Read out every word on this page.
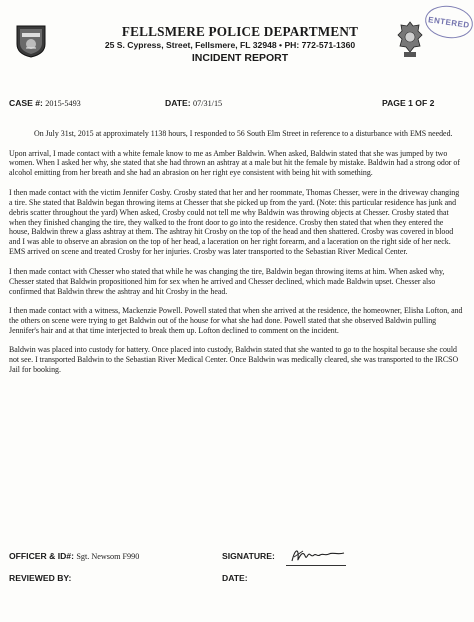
ENTERED
FELLSMERE POLICE DEPARTMENT
25 S. Cypress, Street, Fellsmere, FL 32948 • PH: 772-571-1360
INCIDENT REPORT
CASE #: 2015-5493	DATE: 07/31/15	PAGE 1 OF 2

On July 31st, 2015 at approximately 1138 hours, I responded to 56 South Elm Street in reference to a disturbance with EMS needed.

Upon arrival, I made contact with a white female know to me as Amber Baldwin. When asked, Baldwin stated that she was jumped by two women. When I asked her why, she stated that she had thrown an ashtray at a male but hit the female by mistake. Baldwin had a strong odor of alcohol emitting from her breath and she had an abrasion on her right eye consistent with being hit with something.

I then made contact with the victim Jennifer Cosby. Crosby stated that her and her roommate, Thomas Chesser, were in the driveway changing a tire. She stated that Baldwin began throwing items at Chesser that she picked up from the yard. (Note: this particular residence has junk and debris scatter throughout the yard) When asked, Crosby could not tell me why Baldwin was throwing objects at Chesser. Crosby stated that when they finished changing the tire, they walked to the front door to go into the residence. Crosby then stated that when they entered the house, Baldwin threw a glass ashtray at them. The ashtray hit Crosby on the top of the head and then shattered. Crosby was covered in blood and I was able to observe an abrasion on the top of her head, a laceration on her right forearm, and a laceration on the right side of her neck. EMS arrived on scene and treated Crosby for her injuries. Crosby was later transported to the Sebastian River Medical Center.

I then made contact with Chesser who stated that while he was changing the tire, Baldwin began throwing items at him. When asked why, Chesser stated that Baldwin propositioned him for sex when he arrived and Chesser declined, which made Baldwin upset. Chesser also confirmed that Baldwin threw the ashtray and hit Crosby in the head.

I then made contact with a witness, Mackenzie Powell. Powell stated that when she arrived at the residence, the homeowner, Elisha Lofton, and the others on scene were trying to get Baldwin out of the house for what she had done. Powell stated that she observed Baldwin pulling Jennifer's hair and at that time interjected to break them up. Lofton declined to comment on the incident.

Baldwin was placed into custody for battery. Once placed into custody, Baldwin stated that she wanted to go to the hospital because she could not see. I transported Baldwin to the Sebastian River Medical Center. Once Baldwin was medically cleared, she was transported to the IRCSO Jail for booking.

OFFICER & ID#: Sgt. Newsom F990	SIGNATURE:
REVIEWED BY:	DATE:
